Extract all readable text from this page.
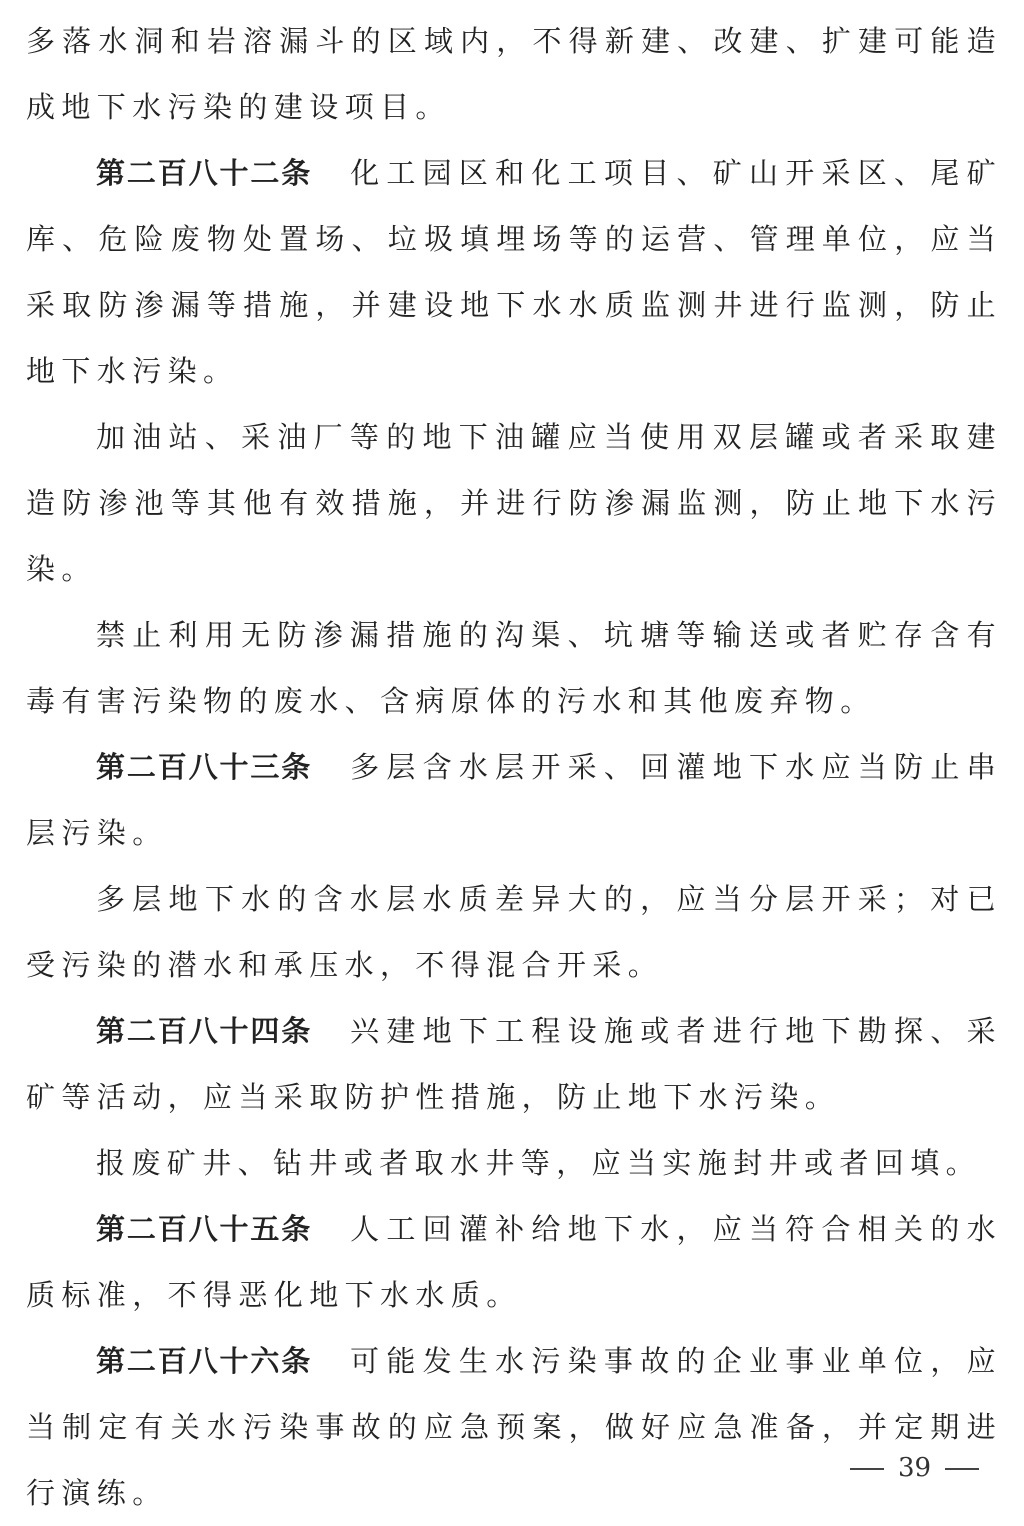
多落水洞和岩溶漏斗的区域内，不得新建、改建、扩建可能造成地下水污染的建设项目。

第二百八十二条 化工园区和化工项目、矿山开采区、尾矿库、危险废物处置场、垃圾填埋场等的运营、管理单位，应当采取防渗漏等措施，并建设地下水水质监测井进行监测，防止地下水污染。

加油站、采油厂等的地下油罐应当使用双层罐或者采取建造防渗池等其他有效措施，并进行防渗漏监测，防止地下水污染。

禁止利用无防渗漏措施的沟渠、坑塘等输送或者贮存含有毒有害污染物的废水、含病原体的污水和其他废弃物。

第二百八十三条 多层含水层开采、回灌地下水应当防止串层污染。

多层地下水的含水层水质差异大的，应当分层开采；对已受污染的潜水和承压水，不得混合开采。

第二百八十四条 兴建地下工程设施或者进行地下勘探、采矿等活动，应当采取防护性措施，防止地下水污染。

报废矿井、钻井或者取水井等，应当实施封井或者回填。

第二百八十五条 人工回灌补给地下水，应当符合相关的水质标准，不得恶化地下水水质。

第二百八十六条 可能发生水污染事故的企业事业单位，应当制定有关水污染事故的应急预案，做好应急准备，并定期进行演练。

39
